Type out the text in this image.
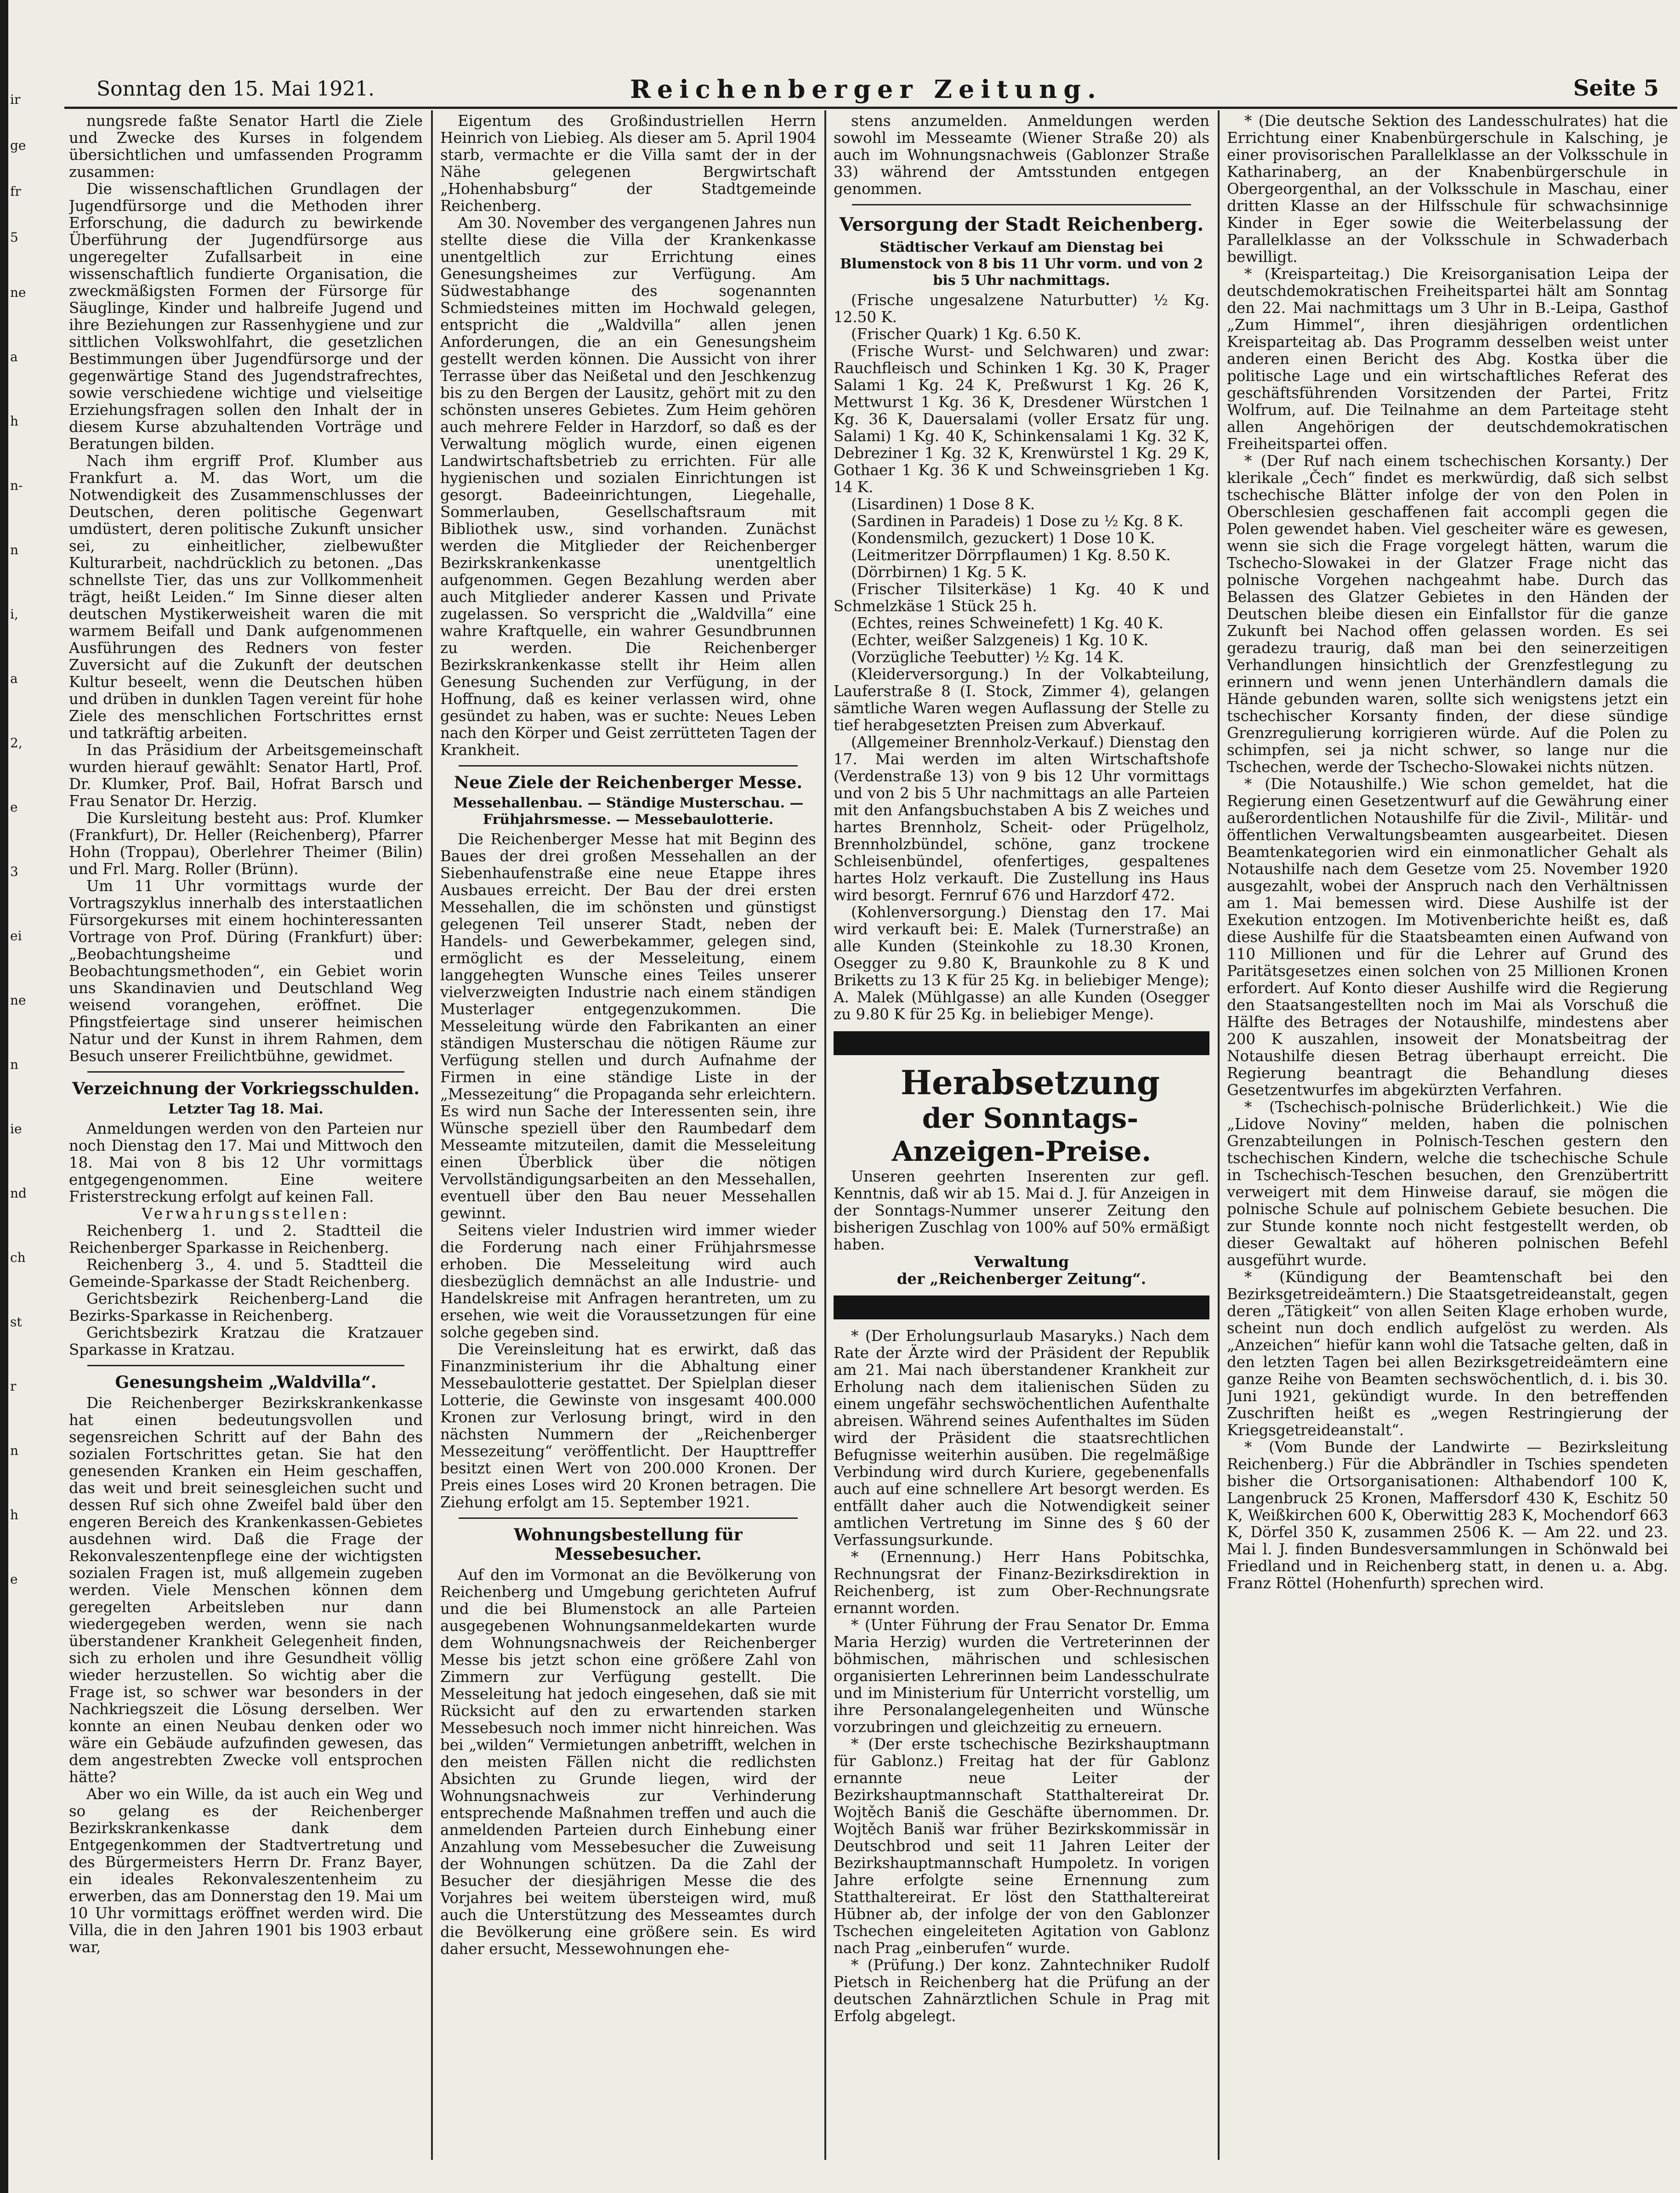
ir
ge
fr
5
ne
a
h
n-
n
i,
a
2,
e
3
ei
ne
n
ie
nd
ch
st
r
n
h
e
Sonntag den 15. Mai 1921.	Reichenberger Zeitung.	Seite 5

nungsrede faßte Senator Hartl die Ziele und Zwecke des Kurses in folgendem übersichtlichen und umfassenden Programm zusammen:

Die wissenschaftlichen Grundlagen der Jugendfürsorge und die Methoden ihrer Erforschung, die dadurch zu bewirkende Überführung der Jugendfürsorge aus ungeregelter Zufallsarbeit in eine wissenschaftlich fundierte Organisation, die zweckmäßigsten Formen der Fürsorge für Säuglinge, Kinder und halbreife Jugend und ihre Beziehungen zur Rassenhygiene und zur sittlichen Volkswohlfahrt, die gesetzlichen Bestimmungen über Jugendfürsorge und der gegenwärtige Stand des Jugendstrafrechtes, sowie verschiedene wichtige und vielseitige Erziehungsfragen sollen den Inhalt der in diesem Kurse abzuhaltenden Vorträge und Beratungen bilden.

Nach ihm ergriff Prof. Klumber aus Frankfurt a. M. das Wort, um die Notwendigkeit des Zusammenschlusses der Deutschen, deren politische Gegenwart umdüstert, deren politische Zukunft unsicher sei, zu einheitlicher, zielbewußter Kulturarbeit, nachdrücklich zu betonen. „Das schnellste Tier, das uns zur Vollkommenheit trägt, heißt Leiden.“ Im Sinne dieser alten deutschen Mystikerweisheit waren die mit warmem Beifall und Dank aufgenommenen Ausführungen des Redners von fester Zuversicht auf die Zukunft der deutschen Kultur beseelt, wenn die Deutschen hüben und drüben in dunklen Tagen vereint für hohe Ziele des menschlichen Fortschrittes ernst und tatkräftig arbeiten.

In das Präsidium der Arbeitsgemeinschaft wurden hierauf gewählt: Senator Hartl, Prof. Dr. Klumker, Prof. Bail, Hofrat Barsch und Frau Senator Dr. Herzig.

Die Kursleitung besteht aus: Prof. Klumker (Frankfurt), Dr. Heller (Reichenberg), Pfarrer Hohn (Troppau), Oberlehrer Theimer (Bilin) und Frl. Marg. Roller (Brünn).

Um 11 Uhr vormittags wurde der Vortragszyklus innerhalb des interstaatlichen Fürsorgekurses mit einem hochinteressanten Vortrage von Prof. Düring (Frankfurt) über: „Beobachtungsheime und Beobachtungsmethoden“, ein Gebiet worin uns Skandinavien und Deutschland Weg weisend vorangehen, eröffnet. Die Pfingstfeiertage sind unserer heimischen Natur und der Kunst in ihrem Rahmen, dem Besuch unserer Freilichtbühne, gewidmet.

Verzeichnung der Vorkriegsschulden.
Letzter Tag 18. Mai.

Anmeldungen werden von den Parteien nur noch Dienstag den 17. Mai und Mittwoch den 18. Mai von 8 bis 12 Uhr vormittags entgegengenommen. Eine weitere Fristerstreckung erfolgt auf keinen Fall.

Verwahrungsstellen:

Reichenberg 1. und 2. Stadtteil die Reichenberger Sparkasse in Reichenberg.

Reichenberg 3., 4. und 5. Stadtteil die Gemeinde-Sparkasse der Stadt Reichenberg.

Gerichtsbezirk Reichenberg-Land die Bezirks-Sparkasse in Reichenberg.

Gerichtsbezirk Kratzau die Kratzauer Sparkasse in Kratzau.

Genesungsheim „Waldvilla“.

Die Reichenberger Bezirkskrankenkasse hat einen bedeutungsvollen und segensreichen Schritt auf der Bahn des sozialen Fortschrittes getan. Sie hat den genesenden Kranken ein Heim geschaffen, das weit und breit seinesgleichen sucht und dessen Ruf sich ohne Zweifel bald über den engeren Bereich des Krankenkassen-Gebietes ausdehnen wird. Daß die Frage der Rekonvaleszentenpflege eine der wichtigsten sozialen Fragen ist, muß allgemein zugeben werden. Viele Menschen können dem geregelten Arbeitsleben nur dann wiedergegeben werden, wenn sie nach überstandener Krankheit Gelegenheit finden, sich zu erholen und ihre Gesundheit völlig wieder herzustellen. So wichtig aber die Frage ist, so schwer war besonders in der Nachkriegszeit die Lösung derselben. Wer konnte an einen Neubau denken oder wo wäre ein Gebäude aufzufinden gewesen, das dem angestrebten Zwecke voll entsprochen hätte?

Aber wo ein Wille, da ist auch ein Weg und so gelang es der Reichenberger Bezirkskrankenkasse dank dem Entgegenkommen der Stadtvertretung und des Bürgermeisters Herrn Dr. Franz Bayer, ein ideales Rekonvaleszentenheim zu erwerben, das am Donnerstag den 19. Mai um 10 Uhr vormittags eröffnet werden wird. Die Villa, die in den Jahren 1901 bis 1903 erbaut war,

Eigentum des Großindustriellen Herrn Heinrich von Liebieg. Als dieser am 5. April 1904 starb, vermachte er die Villa samt der in der Nähe gelegenen Bergwirtschaft „Hohenhabsburg“ der Stadtgemeinde Reichenberg.

Am 30. November des vergangenen Jahres nun stellte diese die Villa der Krankenkasse unentgeltlich zur Errichtung eines Genesungsheimes zur Verfügung. Am Südwestabhange des sogenannten Schmiedsteines mitten im Hochwald gelegen, entspricht die „Waldvilla“ allen jenen Anforderungen, die an ein Genesungsheim gestellt werden können. Die Aussicht von ihrer Terrasse über das Neißetal und den Jeschkenzug bis zu den Bergen der Lausitz, gehört mit zu den schönsten unseres Gebietes. Zum Heim gehören auch mehrere Felder in Harzdorf, so daß es der Verwaltung möglich wurde, einen eigenen Landwirtschaftsbetrieb zu errichten. Für alle hygienischen und sozialen Einrichtungen ist gesorgt. Badeeinrichtungen, Liegehalle, Sommerlauben, Gesellschaftsraum mit Bibliothek usw., sind vorhanden. Zunächst werden die Mitglieder der Reichenberger Bezirkskrankenkasse unentgeltlich aufgenommen. Gegen Bezahlung werden aber auch Mitglieder anderer Kassen und Private zugelassen. So verspricht die „Waldvilla“ eine wahre Kraftquelle, ein wahrer Gesundbrunnen zu werden. Die Reichenberger Bezirkskrankenkasse stellt ihr Heim allen Genesung Suchenden zur Verfügung, in der Hoffnung, daß es keiner verlassen wird, ohne gesündet zu haben, was er suchte: Neues Leben nach den Körper und Geist zerrütteten Tagen der Krankheit.

Neue Ziele der Reichenberger Messe.
Messehallenbau. — Ständige Musterschau. — Frühjahrsmesse. — Messebaulotterie.

Die Reichenberger Messe hat mit Beginn des Baues der drei großen Messehallen an der Siebenhaufenstraße eine neue Etappe ihres Ausbaues erreicht. Der Bau der drei ersten Messehallen, die im schönsten und günstigst gelegenen Teil unserer Stadt, neben der Handels- und Gewerbekammer, gelegen sind, ermöglicht es der Messeleitung, einem langgehegten Wunsche eines Teiles unserer vielverzweigten Industrie nach einem ständigen Musterlager entgegenzukommen. Die Messeleitung würde den Fabrikanten an einer ständigen Musterschau die nötigen Räume zur Verfügung stellen und durch Aufnahme der Firmen in eine ständige Liste in der „Messezeitung“ die Propaganda sehr erleichtern. Es wird nun Sache der Interessenten sein, ihre Wünsche speziell über den Raumbedarf dem Messeamte mitzuteilen, damit die Messeleitung einen Überblick über die nötigen Vervollständigungsarbeiten an den Messehallen, eventuell über den Bau neuer Messehallen gewinnt.

Seitens vieler Industrien wird immer wieder die Forderung nach einer Frühjahrsmesse erhoben. Die Messeleitung wird auch diesbezüglich demnächst an alle Industrie- und Handelskreise mit Anfragen herantreten, um zu ersehen, wie weit die Voraussetzungen für eine solche gegeben sind.

Die Vereinsleitung hat es erwirkt, daß das Finanzministerium ihr die Abhaltung einer Messebaulotterie gestattet. Der Spielplan dieser Lotterie, die Gewinste von insgesamt 400.000 Kronen zur Verlosung bringt, wird in den nächsten Nummern der „Reichenberger Messezeitung“ veröffentlicht. Der Haupttreffer besitzt einen Wert von 200.000 Kronen. Der Preis eines Loses wird 20 Kronen betragen. Die Ziehung erfolgt am 15. September 1921.

Wohnungsbestellung für Messebesucher.

Auf den im Vormonat an die Bevölkerung von Reichenberg und Umgebung gerichteten Aufruf und die bei Blumenstock an alle Parteien ausgegebenen Wohnungsanmeldekarten wurde dem Wohnungsnachweis der Reichenberger Messe bis jetzt schon eine größere Zahl von Zimmern zur Verfügung gestellt. Die Messeleitung hat jedoch eingesehen, daß sie mit Rücksicht auf den zu erwartenden starken Messebesuch noch immer nicht hinreichen. Was bei „wilden“ Vermietungen anbetrifft, welchen in den meisten Fällen nicht die redlichsten Absichten zu Grunde liegen, wird der Wohnungsnachweis zur Verhinderung entsprechende Maßnahmen treffen und auch die anmeldenden Parteien durch Einhebung einer Anzahlung vom Messebesucher die Zuweisung der Wohnungen schützen. Da die Zahl der Besucher der diesjährigen Messe die des Vorjahres bei weitem übersteigen wird, muß auch die Unterstützung des Messeamtes durch die Bevölkerung eine größere sein. Es wird daher ersucht, Messewohnungen ehe-

stens anzumelden. Anmeldungen werden sowohl im Messeamte (Wiener Straße 20) als auch im Wohnungsnachweis (Gablonzer Straße 33) während der Amtsstunden entgegen genommen.

Versorgung der Stadt Reichenberg.
Städtischer Verkauf am Dienstag bei Blumenstock von 8 bis 11 Uhr vorm. und von 2 bis 5 Uhr nachmittags.

(Frische ungesalzene Naturbutter) ½ Kg. 12.50 K.

(Frischer Quark) 1 Kg. 6.50 K.

(Frische Wurst- und Selchwaren) und zwar: Rauchfleisch und Schinken 1 Kg. 30 K, Prager Salami 1 Kg. 24 K, Preßwurst 1 Kg. 26 K, Mettwurst 1 Kg. 36 K, Dresdener Würstchen 1 Kg. 36 K, Dauersalami (voller Ersatz für ung. Salami) 1 Kg. 40 K, Schinkensalami 1 Kg. 32 K, Debreziner 1 Kg. 32 K, Krenwürstel 1 Kg. 29 K, Gothaer 1 Kg. 36 K und Schweinsgrieben 1 Kg. 14 K.

(Lisardinen) 1 Dose 8 K.

(Sardinen in Paradeis) 1 Dose zu ½ Kg. 8 K.

(Kondensmilch, gezuckert) 1 Dose 10 K.

(Leitmeritzer Dörrpflaumen) 1 Kg. 8.50 K.

(Dörrbirnen) 1 Kg. 5 K.

(Frischer Tilsiterkäse) 1 Kg. 40 K und Schmelzkäse 1 Stück 25 h.

(Echtes, reines Schweinefett) 1 Kg. 40 K.

(Echter, weißer Salzgeneis) 1 Kg. 10 K.

(Vorzügliche Teebutter) ½ Kg. 14 K.

(Kleiderversorgung.) In der Volkabteilung, Lauferstraße 8 (I. Stock, Zimmer 4), gelangen sämtliche Waren wegen Auflassung der Stelle zu tief herabgesetzten Preisen zum Abverkauf.

(Allgemeiner Brennholz-Verkauf.) Dienstag den 17. Mai werden im alten Wirtschaftshofe (Verdenstraße 13) von 9 bis 12 Uhr vormittags und von 2 bis 5 Uhr nachmittags an alle Parteien mit den Anfangsbuchstaben A bis Z weiches und hartes Brennholz, Scheit- oder Prügelholz, Brennholzbündel, schöne, ganz trockene Schleisenbündel, ofenfertiges, gespaltenes hartes Holz verkauft. Die Zustellung ins Haus wird besorgt. Fernruf 676 und Harzdorf 472.

(Kohlenversorgung.) Dienstag den 17. Mai wird verkauft bei: E. Malek (Turnerstraße) an alle Kunden (Steinkohle zu 18.30 Kronen, Osegger zu 9.80 K, Braunkohle zu 8 K und Briketts zu 13 K für 25 Kg. in beliebiger Menge); A. Malek (Mühlgasse) an alle Kunden (Osegger zu 9.80 K für 25 Kg. in beliebiger Menge).

Herabsetzung

der Sonntags-Anzeigen-Preise.

Unseren geehrten Inserenten zur gefl. Kenntnis, daß wir ab 15. Mai d. J. für Anzeigen in der Sonntags-Nummer unserer Zeitung den bisherigen Zuschlag von 100% auf 50% ermäßigt haben.

Verwaltung

der „Reichenberger Zeitung“.

* (Der Erholungsurlaub Masaryks.) Nach dem Rate der Ärzte wird der Präsident der Republik am 21. Mai nach überstandener Krankheit zur Erholung nach dem italienischen Süden zu einem ungefähr sechswöchentlichen Aufenthalte abreisen. Während seines Aufenthaltes im Süden wird der Präsident die staatsrechtlichen Befugnisse weiterhin ausüben. Die regelmäßige Verbindung wird durch Kuriere, gegebenenfalls auch auf eine schnellere Art besorgt werden. Es entfällt daher auch die Notwendigkeit seiner amtlichen Vertretung im Sinne des § 60 der Verfassungsurkunde.

* (Ernennung.) Herr Hans Pobitschka, Rechnungsrat der Finanz-Bezirksdirektion in Reichenberg, ist zum Ober-Rechnungsrate ernannt worden.

* (Unter Führung der Frau Senator Dr. Emma Maria Herzig) wurden die Vertreterinnen der böhmischen, mährischen und schlesischen organisierten Lehrerinnen beim Landesschulrate und im Ministerium für Unterricht vorstellig, um ihre Personalangelegenheiten und Wünsche vorzubringen und gleichzeitig zu erneuern.

* (Der erste tschechische Bezirkshauptmann für Gablonz.) Freitag hat der für Gablonz ernannte neue Leiter der Bezirkshauptmannschaft Statthaltereirat Dr. Wojtěch Baniš die Geschäfte übernommen. Dr. Wojtěch Baniš war früher Bezirkskommissär in Deutschbrod und seit 11 Jahren Leiter der Bezirkshauptmannschaft Humpoletz. In vorigen Jahre erfolgte seine Ernennung zum Statthaltereirat. Er löst den Statthaltereirat Hübner ab, der infolge der von den Gablonzer Tschechen eingeleiteten Agitation von Gablonz nach Prag „einberufen“ wurde.

* (Prüfung.) Der konz. Zahntechniker Rudolf Pietsch in Reichenberg hat die Prüfung an der deutschen Zahnärztlichen Schule in Prag mit Erfolg abgelegt.

* (Die deutsche Sektion des Landesschulrates) hat die Errichtung einer Knabenbürgerschule in Kalsching, je einer provisorischen Parallelklasse an der Volksschule in Katharinaberg, an der Knabenbürgerschule in Obergeorgenthal, an der Volksschule in Maschau, einer dritten Klasse an der Hilfsschule für schwachsinnige Kinder in Eger sowie die Weiterbelassung der Parallelklasse an der Volksschule in Schwaderbach bewilligt.

* (Kreisparteitag.) Die Kreisorganisation Leipa der deutschdemokratischen Freiheitspartei hält am Sonntag den 22. Mai nachmittags um 3 Uhr in B.-Leipa, Gasthof „Zum Himmel“, ihren diesjährigen ordentlichen Kreisparteitag ab. Das Programm desselben weist unter anderen einen Bericht des Abg. Kostka über die politische Lage und ein wirtschaftliches Referat des geschäftsführenden Vorsitzenden der Partei, Fritz Wolfrum, auf. Die Teilnahme an dem Parteitage steht allen Angehörigen der deutschdemokratischen Freiheitspartei offen.

* (Der Ruf nach einem tschechischen Korsanty.) Der klerikale „Čech“ findet es merkwürdig, daß sich selbst tschechische Blätter infolge der von den Polen in Oberschlesien geschaffenen fait accompli gegen die Polen gewendet haben. Viel gescheiter wäre es gewesen, wenn sie sich die Frage vorgelegt hätten, warum die Tschecho-Slowakei in der Glatzer Frage nicht das polnische Vorgehen nachgeahmt habe. Durch das Belassen des Glatzer Gebietes in den Händen der Deutschen bleibe diesen ein Einfallstor für die ganze Zukunft bei Nachod offen gelassen worden. Es sei geradezu traurig, daß man bei den seinerzeitigen Verhandlungen hinsichtlich der Grenzfestlegung zu erinnern und wenn jenen Unterhändlern damals die Hände gebunden waren, sollte sich wenigstens jetzt ein tschechischer Korsanty finden, der diese sündige Grenzregulierung korrigieren würde. Auf die Polen zu schimpfen, sei ja nicht schwer, so lange nur die Tschechen, werde der Tschecho-Slowakei nichts nützen.

* (Die Notaushilfe.) Wie schon gemeldet, hat die Regierung einen Gesetzentwurf auf die Gewährung einer außerordentlichen Notaushilfe für die Zivil-, Militär- und öffentlichen Verwaltungsbeamten ausgearbeitet. Diesen Beamtenkategorien wird ein einmonatlicher Gehalt als Notaushilfe nach dem Gesetze vom 25. November 1920 ausgezahlt, wobei der Anspruch nach den Verhältnissen am 1. Mai bemessen wird. Diese Aushilfe ist der Exekution entzogen. Im Motivenberichte heißt es, daß diese Aushilfe für die Staatsbeamten einen Aufwand von 110 Millionen und für die Lehrer auf Grund des Paritätsgesetzes einen solchen von 25 Millionen Kronen erfordert. Auf Konto dieser Aushilfe wird die Regierung den Staatsangestellten noch im Mai als Vorschuß die Hälfte des Betrages der Notaushilfe, mindestens aber 200 K auszahlen, insoweit der Monatsbeitrag der Notaushilfe diesen Betrag überhaupt erreicht. Die Regierung beantragt die Behandlung dieses Gesetzentwurfes im abgekürzten Verfahren.

* (Tschechisch-polnische Brüderlichkeit.) Wie die „Lidove Noviny“ melden, haben die polnischen Grenzabteilungen in Polnisch-Teschen gestern den tschechischen Kindern, welche die tschechische Schule in Tschechisch-Teschen besuchen, den Grenzübertritt verweigert mit dem Hinweise darauf, sie mögen die polnische Schule auf polnischem Gebiete besuchen. Die zur Stunde konnte noch nicht festgestellt werden, ob dieser Gewaltakt auf höheren polnischen Befehl ausgeführt wurde.

* (Kündigung der Beamtenschaft bei den Bezirksgetreideämtern.) Die Staatsgetreideanstalt, gegen deren „Tätigkeit“ von allen Seiten Klage erhoben wurde, scheint nun doch endlich aufgelöst zu werden. Als „Anzeichen“ hiefür kann wohl die Tatsache gelten, daß in den letzten Tagen bei allen Bezirksgetreideämtern eine ganze Reihe von Beamten sechswöchentlich, d. i. bis 30. Juni 1921, gekündigt wurde. In den betreffenden Zuschriften heißt es „wegen Restringierung der Kriegsgetreideanstalt“.

* (Vom Bunde der Landwirte — Bezirksleitung Reichenberg.) Für die Abbrändler in Tschies spendeten bisher die Ortsorganisationen: Althabendorf 100 K, Langenbruck 25 Kronen, Maffersdorf 430 K, Eschitz 50 K, Weißkirchen 600 K, Oberwittig 283 K, Mochendorf 663 K, Dörfel 350 K, zusammen 2506 K. — Am 22. und 23. Mai l. J. finden Bundesversammlungen in Schönwald bei Friedland und in Reichenberg statt, in denen u. a. Abg. Franz Röttel (Hohenfurth) sprechen wird.
